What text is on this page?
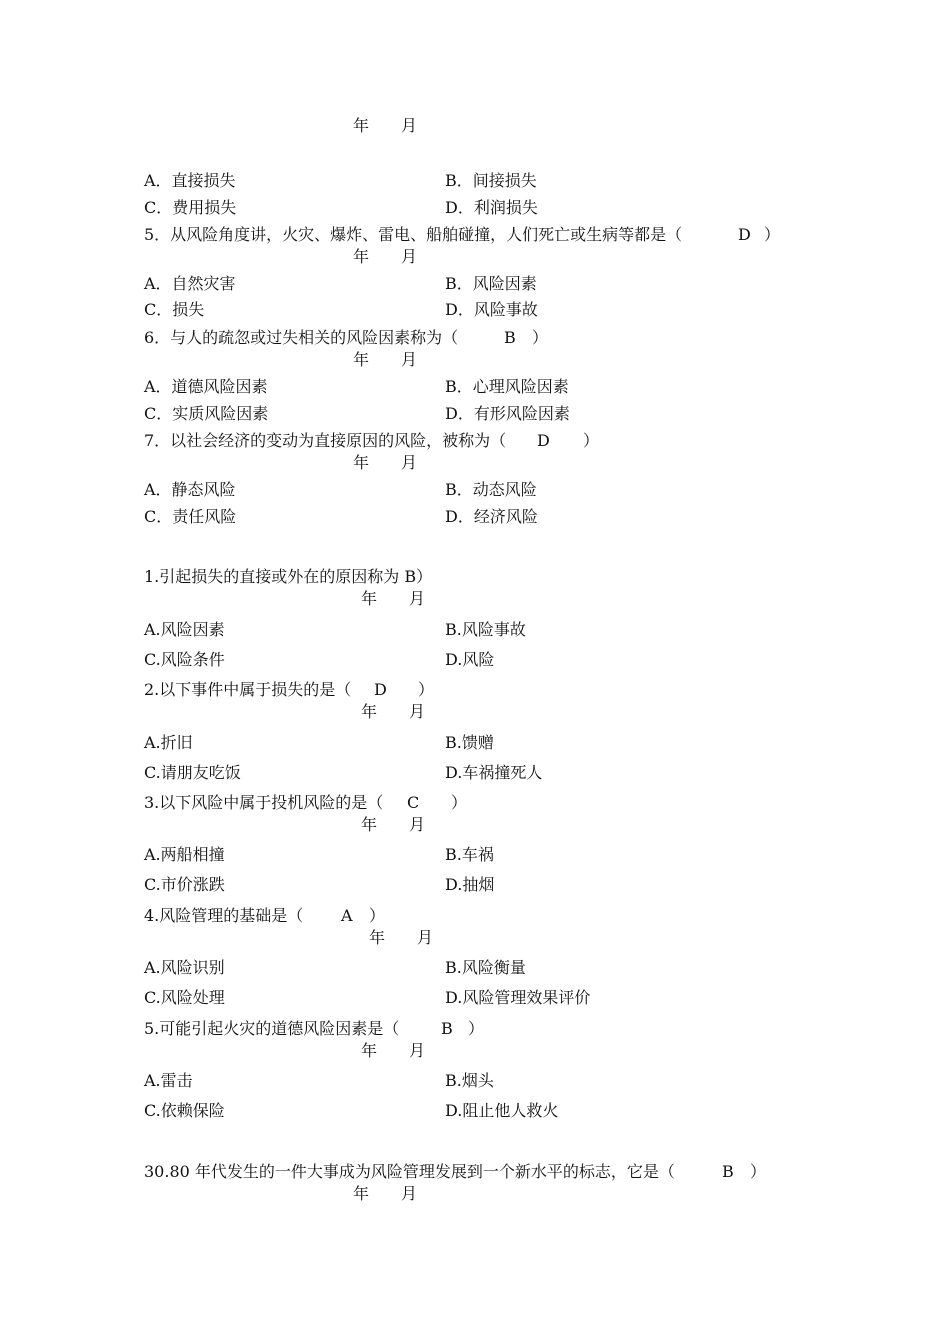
年　　月
A．直接损失	B．间接损失
C．费用损失	D．利润损失
5．从风险角度讲，火灾、爆炸、雷电、船舶碰撞，人们死亡或生病等都是（	D ）
年　　月
A．自然灾害	B．风险因素
C．损失	D．风险事故
6．与人的疏忽或过失相关的风险因素称为（	B ）
年　　月
A．道德风险因素	B．心理风险因素
C．实质风险因素	D．有形风险因素
7．以社会经济的变动为直接原因的风险，被称为（ D ）
年　　月
A．静态风险	B．动态风险
C．责任风险	D．经济风险
1.引起损失的直接或外在的原因称为 B）
年　　月
A.风险因素	B.风险事故
C.风险条件	D.风险
2.以下事件中属于损失的是（ D ）
年　　月
A.折旧	B.馈赠
C.请朋友吃饭	D.车祸撞死人
3.以下风险中属于投机风险的是（ C ）
年　　月
A.两船相撞	B.车祸
C.市价涨跌	D.抽烟
4.风险管理的基础是（ A ）
年　　月
A.风险识别	B.风险衡量
C.风险处理	D.风险管理效果评价
5.可能引起火灾的道德风险因素是（	B ）
年　　月
A.雷击	B.烟头
C.依赖保险	D.阻止他人救火
30.80 年代发生的一件大事成为风险管理发展到一个新水平的标志，它是（	B ）
年　　月
